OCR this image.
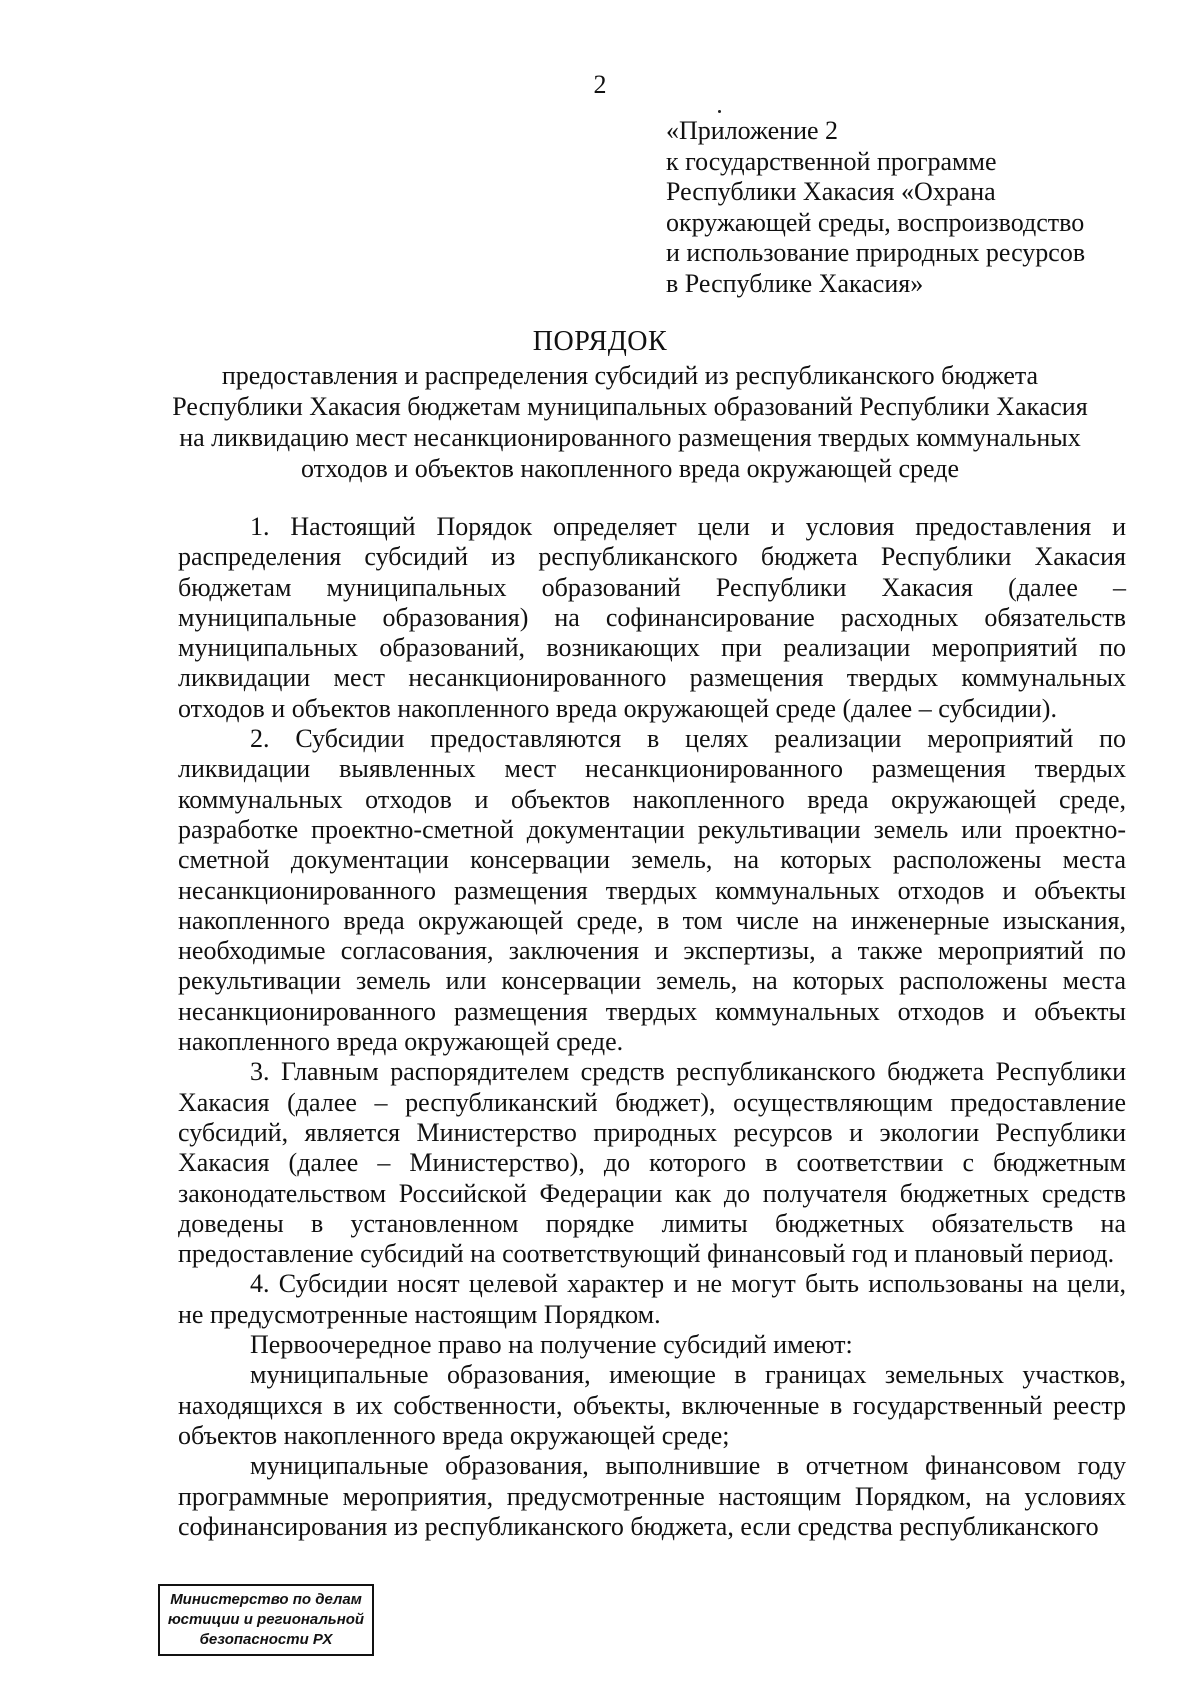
2
«Приложение 2
к государственной программе
Республики Хакасия «Охрана
окружающей среды, воспроизводство
и использование природных ресурсов
в Республике Хакасия»
ПОРЯДОК
предоставления и распределения субсидий из республиканского бюджета
Республики Хакасия бюджетам муниципальных образований Республики Хакасия
на ликвидацию мест несанкционированного размещения твердых коммунальных
отходов и объектов накопленного вреда окружающей среде

1. Настоящий Порядок определяет цели и условия предоставления и распределения субсидий из республиканского бюджета Республики Хакасия бюджетам муниципальных образований Республики Хакасия (далее – муниципальные образования) на софинансирование расходных обязательств муниципальных образований, возникающих при реализации мероприятий по ликвидации мест несанкционированного размещения твердых коммунальных отходов и объектов накопленного вреда окружающей среде (далее – субсидии).

2. Субсидии предоставляются в целях реализации мероприятий по ликвидации выявленных мест несанкционированного размещения твердых коммунальных отходов и объектов накопленного вреда окружающей среде, разработке проектно-сметной документации рекультивации земель или проектно-сметной документации консервации земель, на которых расположены места несанкционированного размещения твердых коммунальных отходов и объекты накопленного вреда окружающей среде, в том числе на инженерные изыскания, необходимые согласования, заключения и экспертизы, а также мероприятий по рекультивации земель или консервации земель, на которых расположены места несанкционированного размещения твердых коммунальных отходов и объекты накопленного вреда окружающей среде.

3. Главным распорядителем средств республиканского бюджета Республики Хакасия (далее – республиканский бюджет), осуществляющим предоставление субсидий, является Министерство природных ресурсов и экологии Республики Хакасия (далее – Министерство), до которого в соответствии с бюджетным законодательством Российской Федерации как до получателя бюджетных средств доведены в установленном порядке лимиты бюджетных обязательств на предоставление субсидий на соответствующий финансовый год и плановый период.

4. Субсидии носят целевой характер и не могут быть использованы на цели, не предусмотренные настоящим Порядком.

Первоочередное право на получение субсидий имеют:

муниципальные образования, имеющие в границах земельных участков, находящихся в их собственности, объекты, включенные в государственный реестр объектов накопленного вреда окружающей среде;

муниципальные образования, выполнившие в отчетном финансовом году программные мероприятия, предусмотренные настоящим Порядком, на условиях софинансирования из республиканского бюджета, если средства республиканского

Министерство по делам
юстиции и региональной
безопасности РХ
